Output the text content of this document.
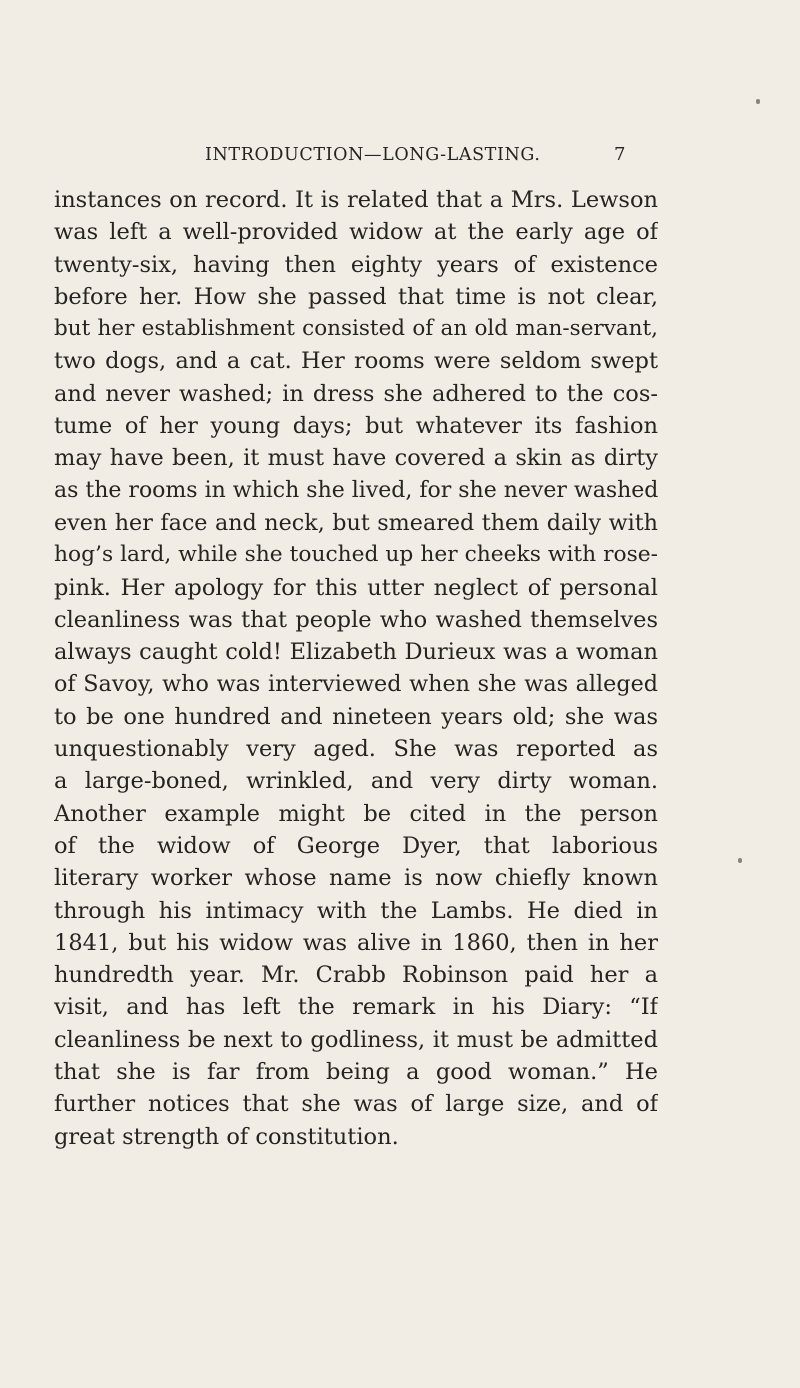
INTRODUCTION—LONG-LASTING.	7
instances on record. It is related that a Mrs. Lewson
was left a well-provided widow at the early age of
twenty-six, having then eighty years of existence
before her. How she passed that time is not clear,
but her establishment consisted of an old man-servant,
two dogs, and a cat. Her rooms were seldom swept
and never washed; in dress she adhered to the cos-
tume of her young days; but whatever its fashion
may have been, it must have covered a skin as dirty
as the rooms in which she lived, for she never washed
even her face and neck, but smeared them daily with
hog’s lard, while she touched up her cheeks with rose-
pink. Her apology for this utter neglect of personal
cleanliness was that people who washed themselves
always caught cold! Elizabeth Durieux was a woman
of Savoy, who was interviewed when she was alleged
to be one hundred and nineteen years old; she was
unquestionably very aged. She was reported as
a large-boned, wrinkled, and very dirty woman.
Another example might be cited in the person
of the widow of George Dyer, that laborious
literary worker whose name is now chiefly known
through his intimacy with the Lambs. He died in
1841, but his widow was alive in 1860, then in her
hundredth year. Mr. Crabb Robinson paid her a
visit, and has left the remark in his Diary: “If
cleanliness be next to godliness, it must be admitted
that she is far from being a good woman.” He
further notices that she was of large size, and of
great strength of constitution.
